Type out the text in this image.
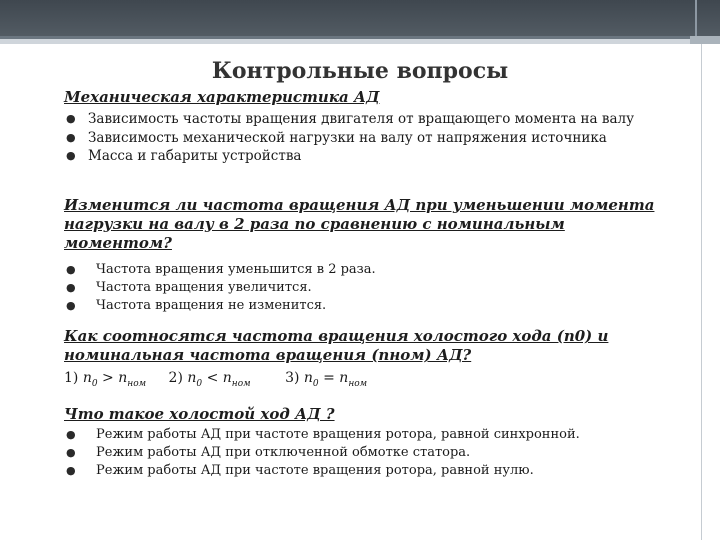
Контрольные вопросы
Механическая характеристика АД
● Зависимость частоты вращения двигателя от вращающего момента на валу
● Зависимость механической нагрузки на валу от напряжения источника
● Масса и габариты устройства
Изменится ли частота вращения АД при уменьшении момента нагрузки на валу в 2 раза по сравнению с номинальным моментом?
● Частота вращения уменьшится в 2 раза.
● Частота вращения увеличится.
● Частота вращения не изменится.
Как соотносятся частота вращения холостого хода (n0) и номинальная частота вращения (nном) АД?
1) $n_0 > n_{ном}$ 2) $n_0 < n_{ном}$ 3) $n_0 = n_{ном}$
Что такое холостой ход АД ?
● Режим работы АД при частоте вращения ротора, равной синхронной.
● Режим работы АД при отключенной обмотке статора.
● Режим работы АД при частоте вращения ротора, равной нулю.
